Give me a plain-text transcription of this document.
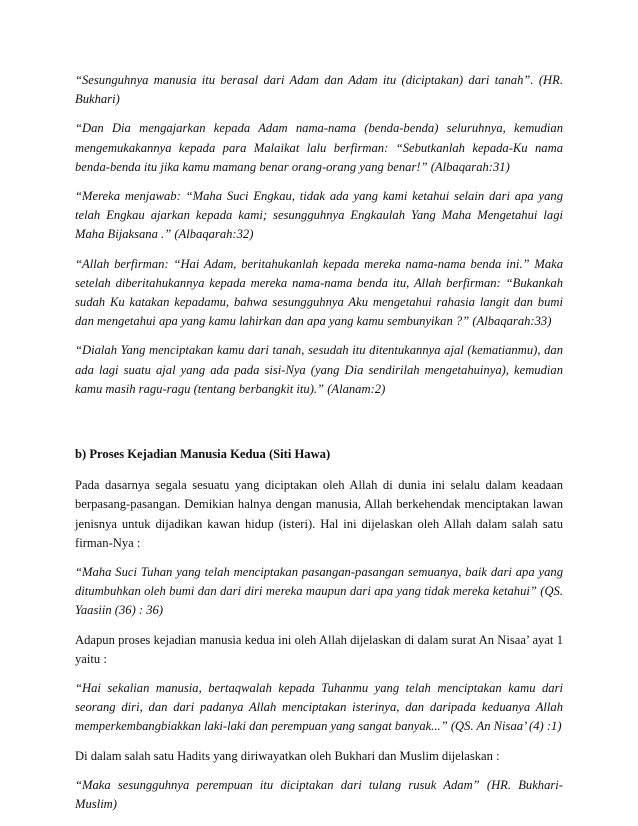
“Sesunguhnya manusia itu berasal dari Adam dan Adam itu (diciptakan) dari tanah”. (HR. Bukhari)

“Dan Dia mengajarkan kepada Adam nama-nama (benda-benda) seluruhnya, kemudian mengemukakannya kepada para Malaikat lalu berfirman: “Sebutkanlah kepada-Ku nama benda-benda itu jika kamu mamang benar orang-orang yang benar!” (Albaqarah:31)

“Mereka menjawab: “Maha Suci Engkau, tidak ada yang kami ketahui selain dari apa yang telah Engkau ajarkan kepada kami; sesungguhnya Engkaulah Yang Maha Mengetahui lagi Maha Bijaksana .” (Albaqarah:32)

“Allah berfirman: “Hai Adam, beritahukanlah kepada mereka nama-nama benda ini.” Maka setelah diberitahukannya kepada mereka nama-nama benda itu, Allah berfirman: “Bukankah sudah Ku katakan kepadamu, bahwa sesungguhnya Aku mengetahui rahasia langit dan bumi dan mengetahui apa yang kamu lahirkan dan apa yang kamu sembunyikan ?” (Albaqarah:33)

“Dialah Yang menciptakan kamu dari tanah, sesudah itu ditentukannya ajal (kematianmu), dan ada lagi suatu ajal yang ada pada sisi-Nya (yang Dia sendirilah mengetahuinya), kemudian kamu masih ragu-ragu (tentang berbangkit itu).” (Alanam:2)

b) Proses Kejadian Manusia Kedua (Siti Hawa)

Pada dasarnya segala sesuatu yang diciptakan oleh Allah di dunia ini selalu dalam keadaan berpasang-pasangan. Demikian halnya dengan manusia, Allah berkehendak menciptakan lawan jenisnya untuk dijadikan kawan hidup (isteri). Hal ini dijelaskan oleh Allah dalam salah satu firman-Nya :

“Maha Suci Tuhan yang telah menciptakan pasangan-pasangan semuanya, baik dari apa yang ditumbuhkan oleh bumi dan dari diri mereka maupun dari apa yang tidak mereka ketahui” (QS. Yaasiin (36) : 36)

Adapun proses kejadian manusia kedua ini oleh Allah dijelaskan di dalam surat An Nisaa’ ayat 1 yaitu :

“Hai sekalian manusia, bertaqwalah kepada Tuhanmu yang telah menciptakan kamu dari seorang diri, dan dari padanya Allah menciptakan isterinya, dan daripada keduanya Allah memperkembangbiakkan laki-laki dan perempuan yang sangat banyak...” (QS. An Nisaa’ (4) :1)

Di dalam salah satu Hadits yang diriwayatkan oleh Bukhari dan Muslim dijelaskan :

“Maka sesungguhnya perempuan itu diciptakan dari tulang rusuk Adam” (HR. Bukhari-Muslim)
